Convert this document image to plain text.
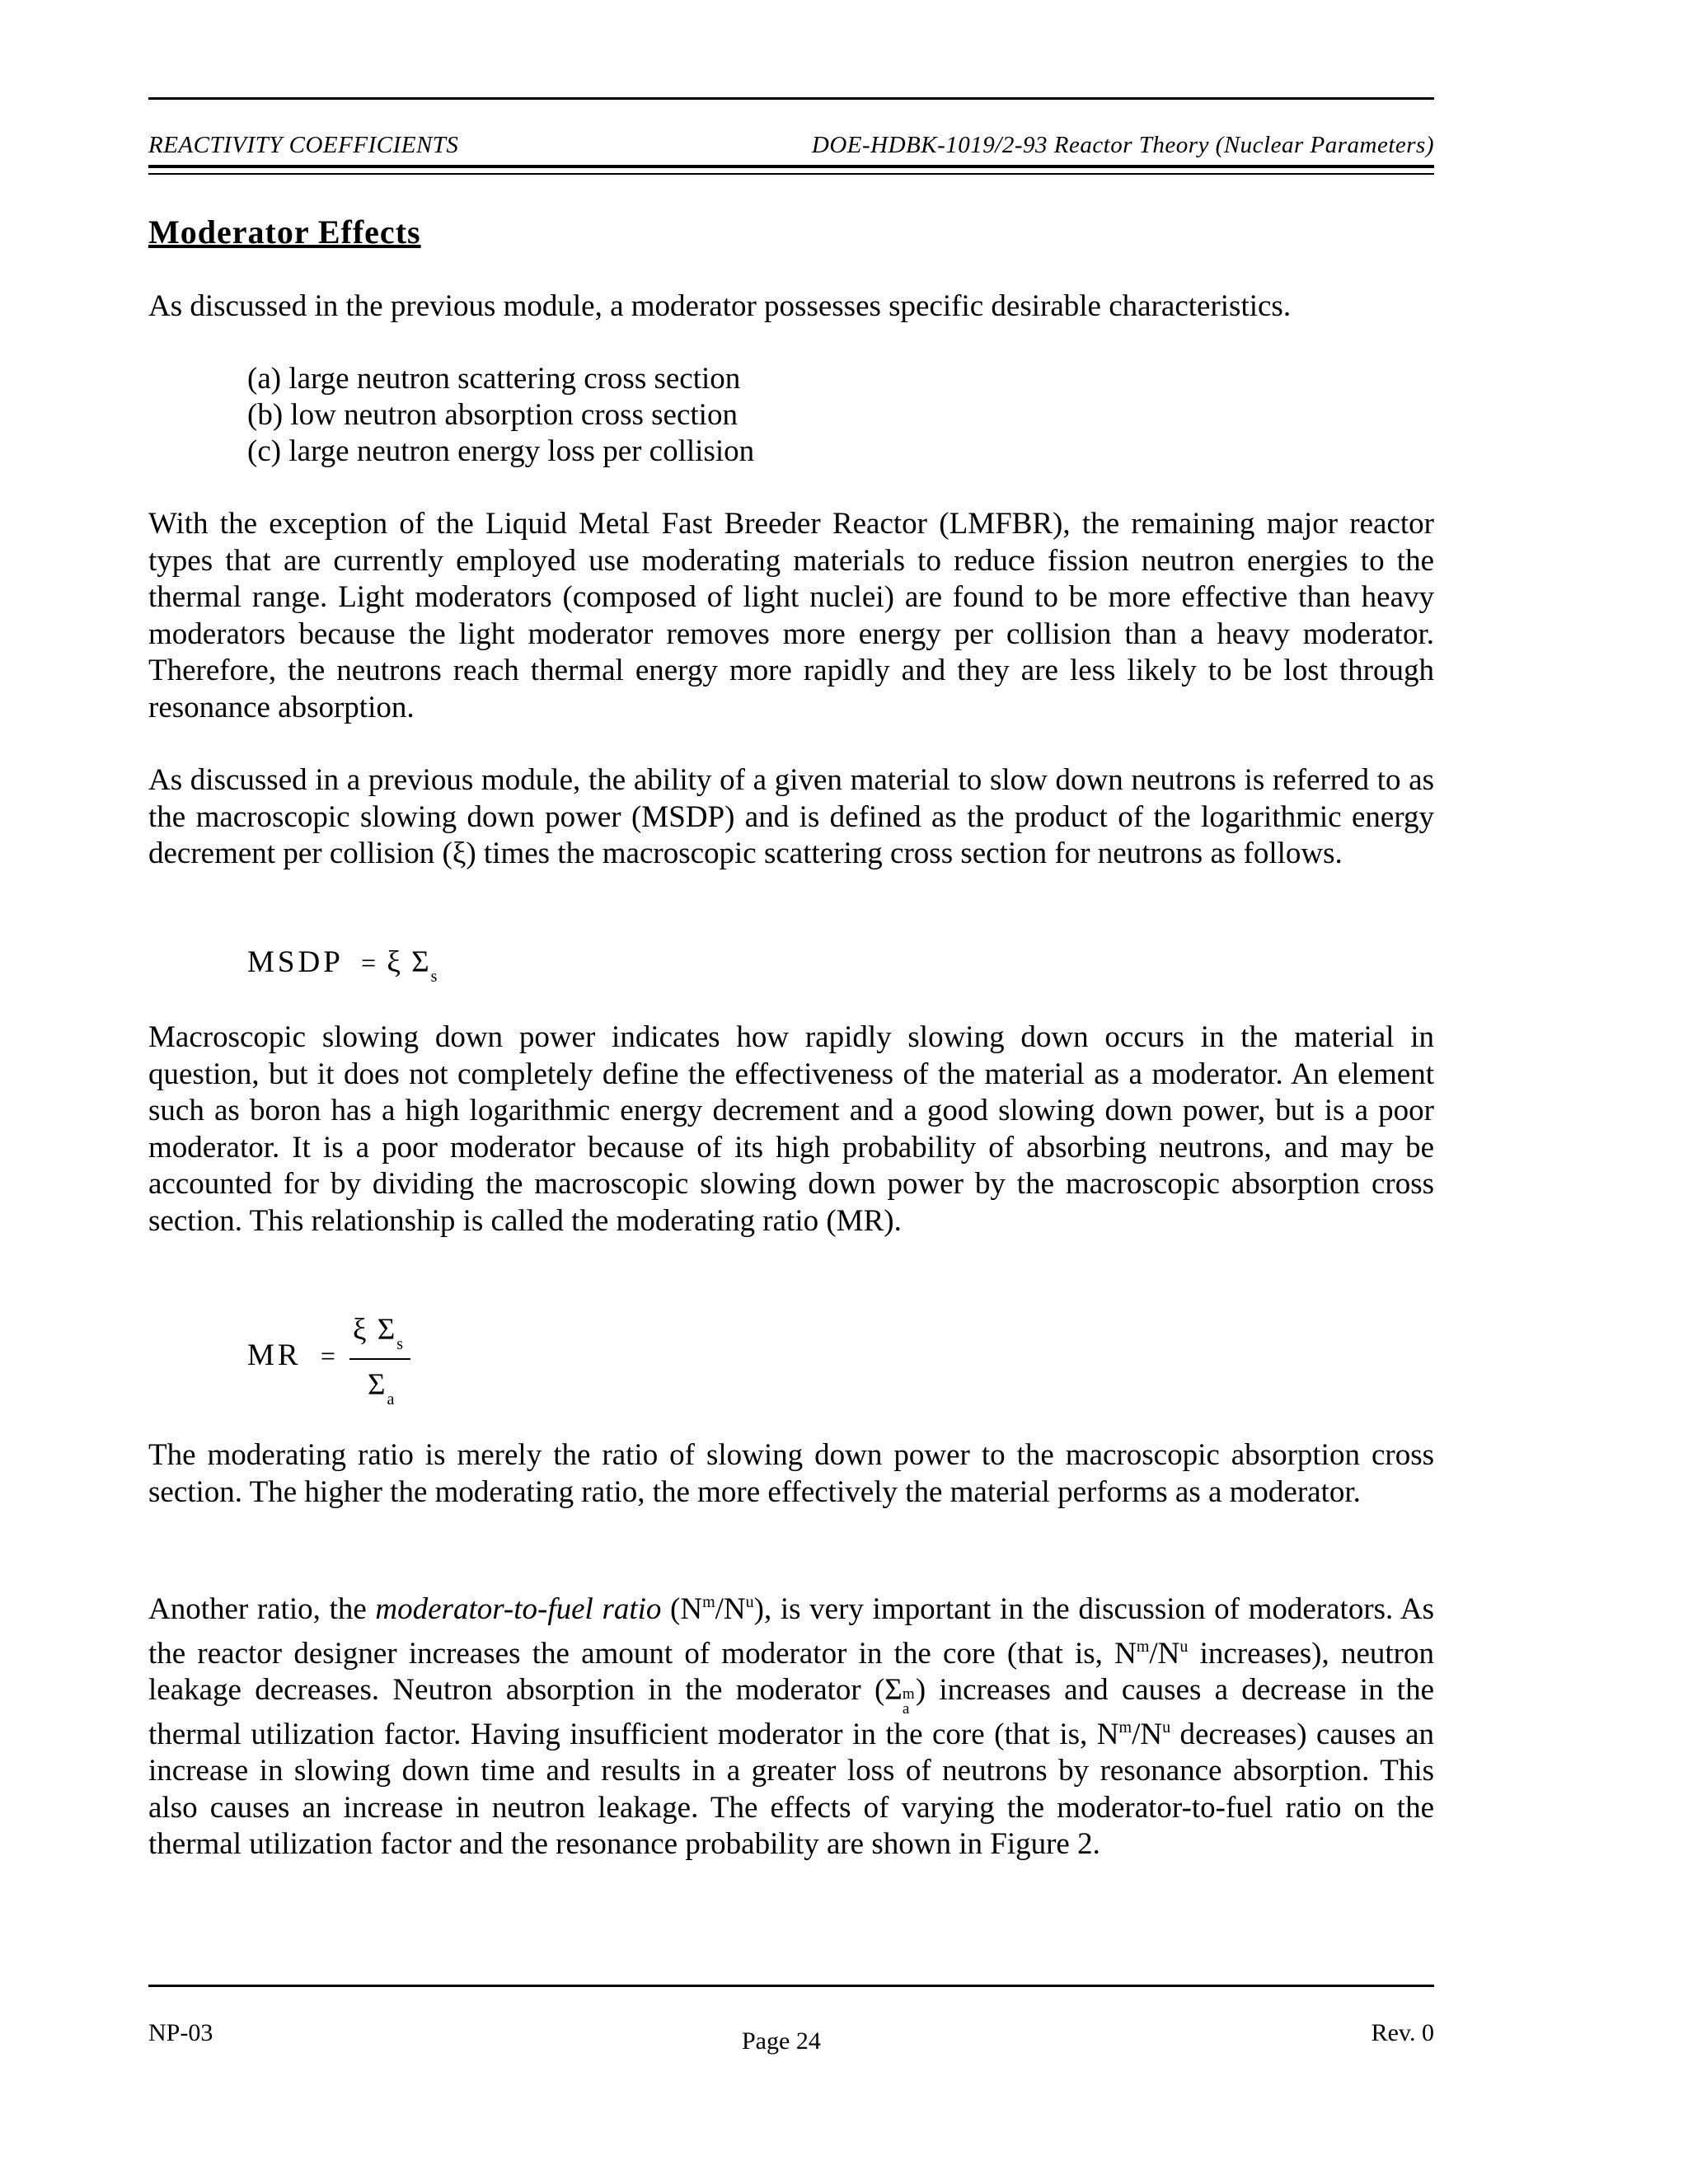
REACTIVITY COEFFICIENTS	DOE-HDBK-1019/2-93 Reactor Theory (Nuclear Parameters)
Moderator Effects
As discussed in the previous module, a moderator possesses specific desirable characteristics.
(a) large neutron scattering cross section
(b) low neutron absorption cross section
(c) large neutron energy loss per collision
With the exception of the Liquid Metal Fast Breeder Reactor (LMFBR), the remaining major reactor types that are currently employed use moderating materials to reduce fission neutron energies to the thermal range. Light moderators (composed of light nuclei) are found to be more effective than heavy moderators because the light moderator removes more energy per collision than a heavy moderator. Therefore, the neutrons reach thermal energy more rapidly and they are less likely to be lost through resonance absorption.
As discussed in a previous module, the ability of a given material to slow down neutrons is referred to as the macroscopic slowing down power (MSDP) and is defined as the product of the logarithmic energy decrement per collision (ξ) times the macroscopic scattering cross section for neutrons as follows.
MSDP = ξ $\Sigma_s$
Macroscopic slowing down power indicates how rapidly slowing down occurs in the material in question, but it does not completely define the effectiveness of the material as a moderator. An element such as boron has a high logarithmic energy decrement and a good slowing down power, but is a poor moderator. It is a poor moderator because of its high probability of absorbing neutrons, and may be accounted for by dividing the macroscopic slowing down power by the macroscopic absorption cross section. This relationship is called the moderating ratio (MR).
MR =
ξ $\Sigma_s$
$\Sigma_a$
The moderating ratio is merely the ratio of slowing down power to the macroscopic absorption cross section. The higher the moderating ratio, the more effectively the material performs as a moderator.
Another ratio, the moderator-to-fuel ratio $(N^m/N^u)$, is very important in the discussion of moderators. As the reactor designer increases the amount of moderator in the core (that is, $N^m/N^u$ increases), neutron leakage decreases. Neutron absorption in the moderator (Σ m
a
) increases and causes a decrease in the thermal utilization factor. Having insufficient moderator in the core (that is, $N^m/N^u$ decreases) causes an increase in slowing down time and results in a greater loss of neutrons by resonance absorption. This also causes an increase in neutron leakage. The effects of varying the moderator-to-fuel ratio on the thermal utilization factor and the resonance probability are shown in Figure 2.
NP-03	Page 24	Rev. 0
